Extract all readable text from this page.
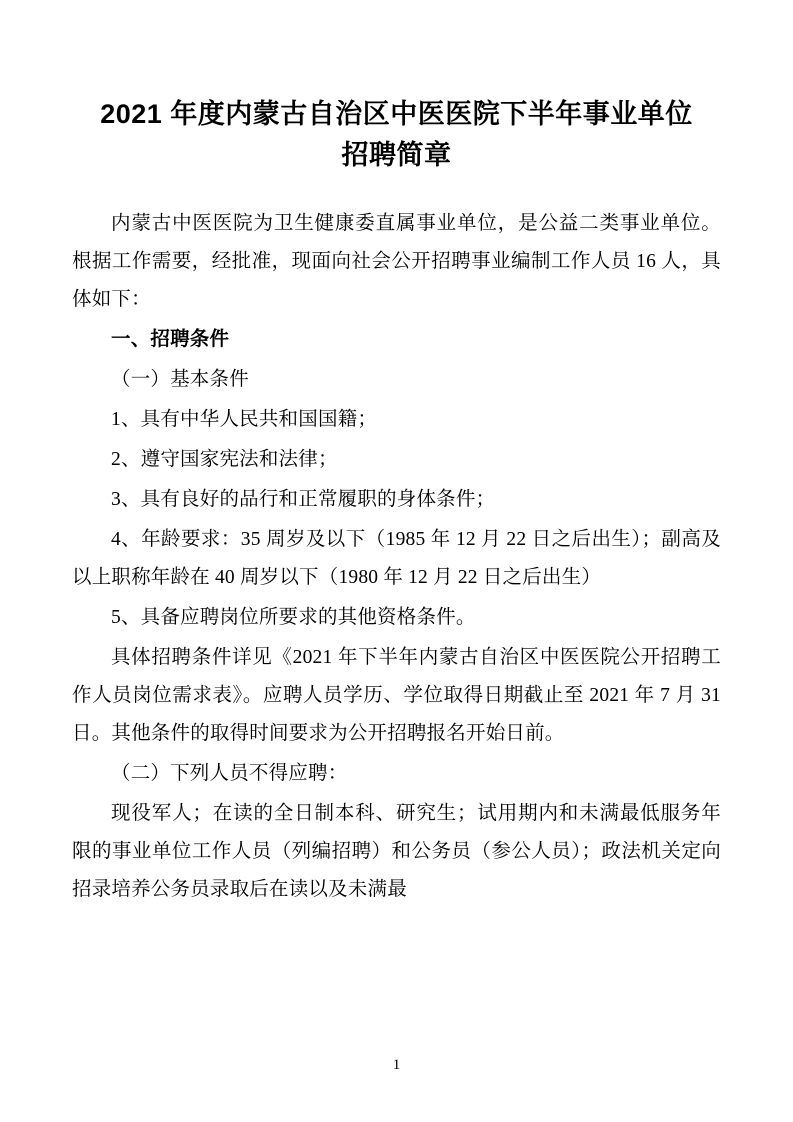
2021 年度内蒙古自治区中医医院下半年事业单位招聘简章

内蒙古中医医院为卫生健康委直属事业单位，是公益二类事业单位。根据工作需要，经批准，现面向社会公开招聘事业编制工作人员 16 人，具体如下：

一、招聘条件

（一）基本条件

1、具有中华人民共和国国籍；

2、遵守国家宪法和法律；

3、具有良好的品行和正常履职的身体条件；

4、年龄要求：35 周岁及以下（1985 年 12 月 22 日之后出生）；副高及以上职称年龄在 40 周岁以下（1980 年 12 月 22 日之后出生）

5、具备应聘岗位所要求的其他资格条件。

具体招聘条件详见《2021 年下半年内蒙古自治区中医医院公开招聘工作人员岗位需求表》。应聘人员学历、学位取得日期截止至 2021 年 7 月 31 日。其他条件的取得时间要求为公开招聘报名开始日前。

（二）下列人员不得应聘：

现役军人；在读的全日制本科、研究生；试用期内和未满最低服务年限的事业单位工作人员（列编招聘）和公务员（参公人员）；政法机关定向招录培养公务员录取后在读以及未满最

1
